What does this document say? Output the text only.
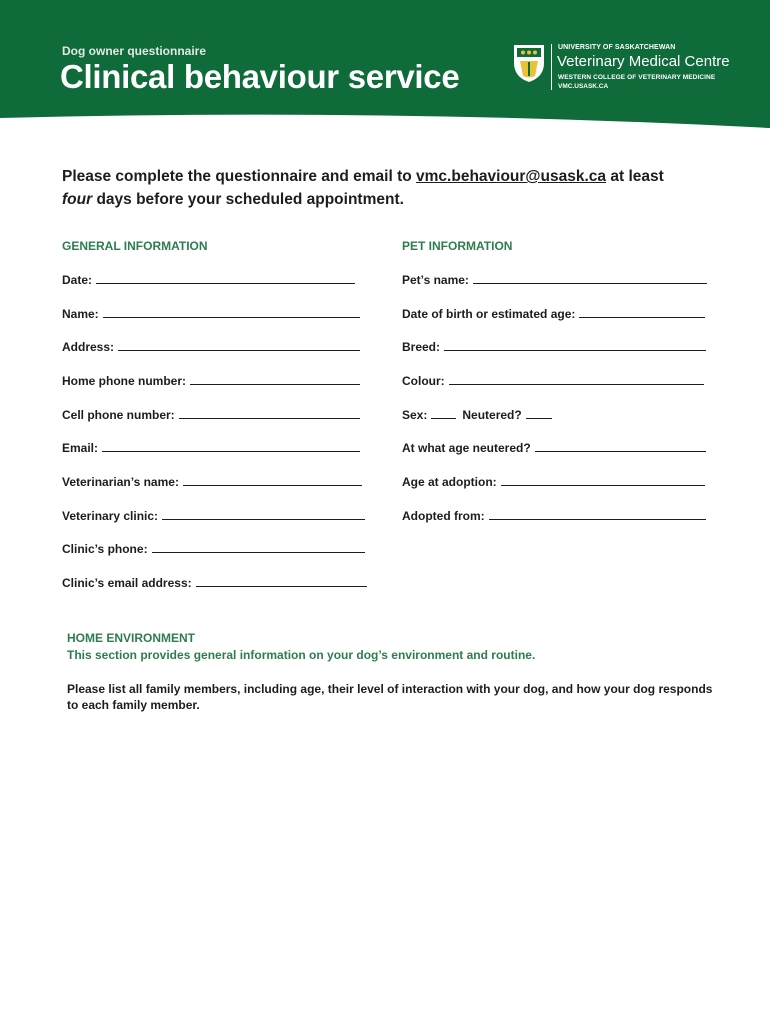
Dog owner questionnaire
Clinical behaviour service
UNIVERSITY OF SASKATCHEWAN
Veterinary Medical Centre
WESTERN COLLEGE OF VETERINARY MEDICINE
VMC.USASK.CA
Please complete the questionnaire and email to vmc.behaviour@usask.ca at least
four days before your scheduled appointment.
GENERAL INFORMATION
Date:
Name:
Address:
Home phone number:
Cell phone number:
Email:
Veterinarian’s name:
Veterinary clinic:
Clinic’s phone:
Clinic’s email address:
PET INFORMATION
Pet’s name:
Date of birth or estimated age:
Breed:
Colour:
Sex:	Neutered?
At what age neutered?
Age at adoption:
Adopted from:
HOME ENVIRONMENT
This section provides general information on your dog’s environment and routine.
Please list all family members, including age, their level of interaction with your dog, and how your dog responds to each family member.
